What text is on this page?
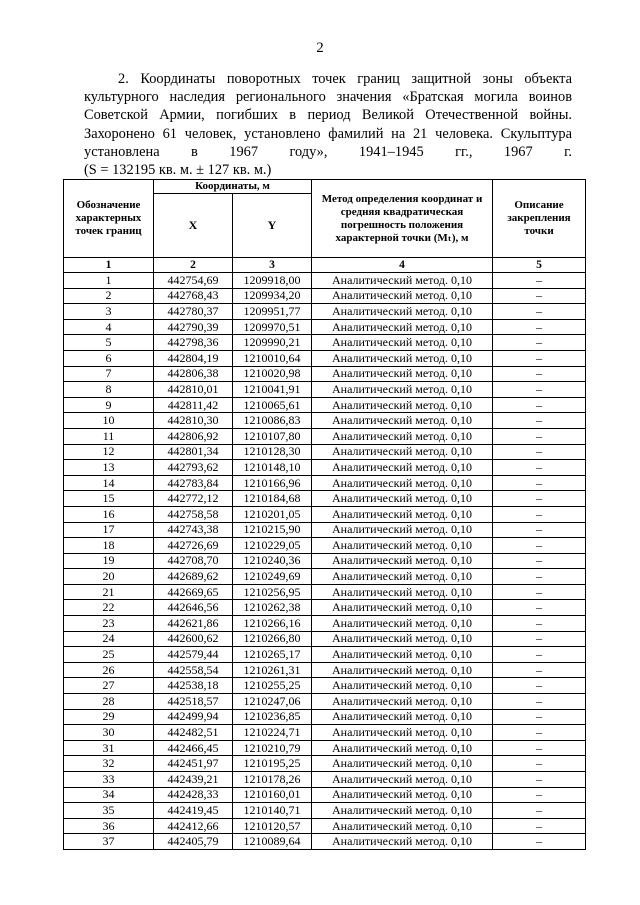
2

2. Координаты поворотных точек границ защитной зоны объекта культурного наследия регионального значения «Братская могила воинов Советской Армии, погибших в период Великой Отечественной войны. Захоронено 61 человек, установлено фамилий на 21 человека. Скульптура установлена в 1967 году», 1941–1945 гг., 1967 г.

(S = 132195 кв. м. ± 127 кв. м.)

Обозначение характерных точек границ	Координаты, м		Метод определения координат и средняя квадратическая погрешность положения характерной точки (Mₜ), м	Описание закрепления точки
	X	Y		
1	2	3	4	5
1	442754,69	1209918,00	Аналитический метод. 0,10	–
2	442768,43	1209934,20	Аналитический метод. 0,10	–
3	442780,37	1209951,77	Аналитический метод. 0,10	–
4	442790,39	1209970,51	Аналитический метод. 0,10	–
5	442798,36	1209990,21	Аналитический метод. 0,10	–
6	442804,19	1210010,64	Аналитический метод. 0,10	–
7	442806,38	1210020,98	Аналитический метод. 0,10	–
8	442810,01	1210041,91	Аналитический метод. 0,10	–
9	442811,42	1210065,61	Аналитический метод. 0,10	–
10	442810,30	1210086,83	Аналитический метод. 0,10	–
11	442806,92	1210107,80	Аналитический метод. 0,10	–
12	442801,34	1210128,30	Аналитический метод. 0,10	–
13	442793,62	1210148,10	Аналитический метод. 0,10	–
14	442783,84	1210166,96	Аналитический метод. 0,10	–
15	442772,12	1210184,68	Аналитический метод. 0,10	–
16	442758,58	1210201,05	Аналитический метод. 0,10	–
17	442743,38	1210215,90	Аналитический метод. 0,10	–
18	442726,69	1210229,05	Аналитический метод. 0,10	–
19	442708,70	1210240,36	Аналитический метод. 0,10	–
20	442689,62	1210249,69	Аналитический метод. 0,10	–
21	442669,65	1210256,95	Аналитический метод. 0,10	–
22	442646,56	1210262,38	Аналитический метод. 0,10	–
23	442621,86	1210266,16	Аналитический метод. 0,10	–
24	442600,62	1210266,80	Аналитический метод. 0,10	–
25	442579,44	1210265,17	Аналитический метод. 0,10	–
26	442558,54	1210261,31	Аналитический метод. 0,10	–
27	442538,18	1210255,25	Аналитический метод. 0,10	–
28	442518,57	1210247,06	Аналитический метод. 0,10	–
29	442499,94	1210236,85	Аналитический метод. 0,10	–
30	442482,51	1210224,71	Аналитический метод. 0,10	–
31	442466,45	1210210,79	Аналитический метод. 0,10	–
32	442451,97	1210195,25	Аналитический метод. 0,10	–
33	442439,21	1210178,26	Аналитический метод. 0,10	–
34	442428,33	1210160,01	Аналитический метод. 0,10	–
35	442419,45	1210140,71	Аналитический метод. 0,10	–
36	442412,66	1210120,57	Аналитический метод. 0,10	–
37	442405,79	1210089,64	Аналитический метод. 0,10	–
